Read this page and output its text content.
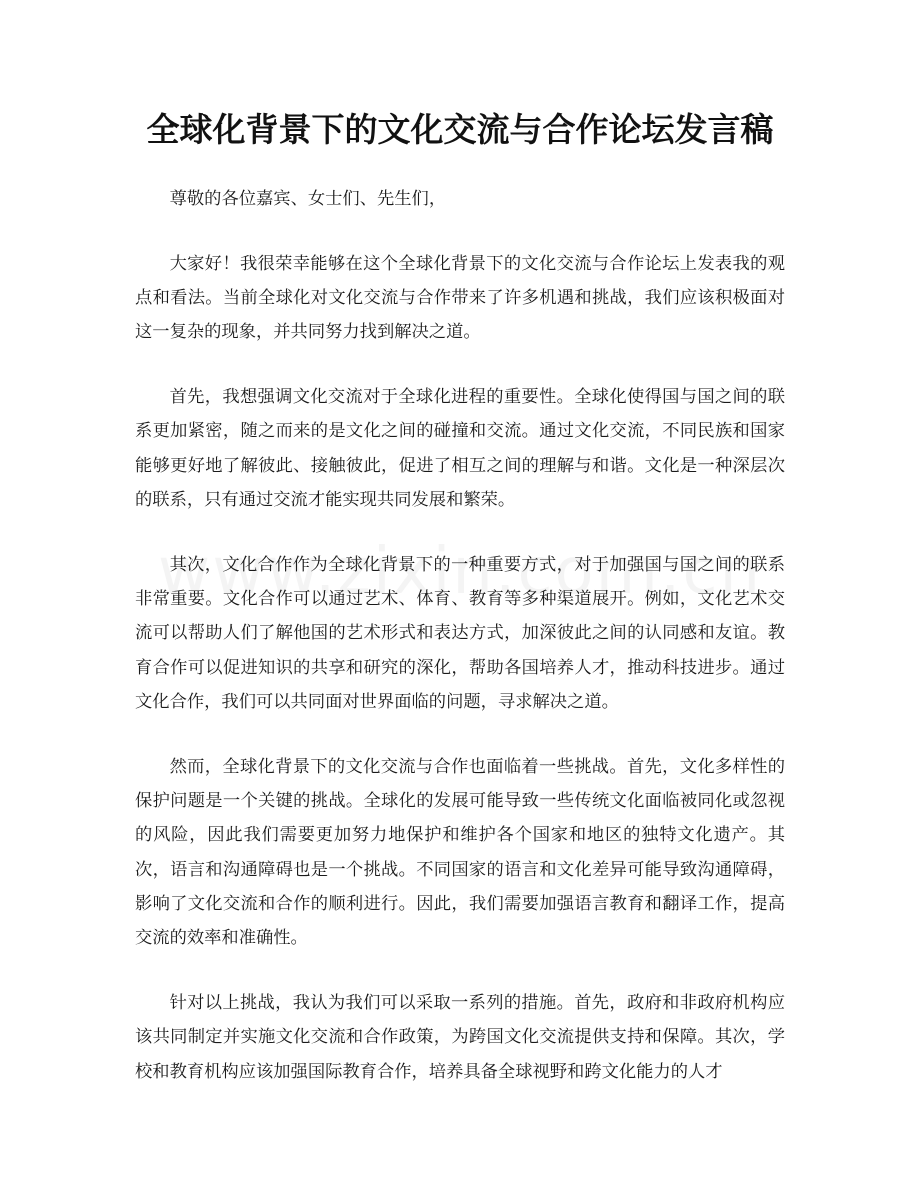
全球化背景下的文化交流与合作论坛发言稿

尊敬的各位嘉宾、女士们、先生们，

大家好！我很荣幸能够在这个全球化背景下的文化交流与合作论坛上发表我的观点和看法。当前全球化对文化交流与合作带来了许多机遇和挑战，我们应该积极面对这一复杂的现象，并共同努力找到解决之道。

首先，我想强调文化交流对于全球化进程的重要性。全球化使得国与国之间的联系更加紧密，随之而来的是文化之间的碰撞和交流。通过文化交流，不同民族和国家能够更好地了解彼此、接触彼此，促进了相互之间的理解与和谐。文化是一种深层次的联系，只有通过交流才能实现共同发展和繁荣。

其次，文化合作作为全球化背景下的一种重要方式，对于加强国与国之间的联系非常重要。文化合作可以通过艺术、体育、教育等多种渠道展开。例如，文化艺术交流可以帮助人们了解他国的艺术形式和表达方式，加深彼此之间的认同感和友谊。教育合作可以促进知识的共享和研究的深化，帮助各国培养人才，推动科技进步。通过文化合作，我们可以共同面对世界面临的问题，寻求解决之道。

然而，全球化背景下的文化交流与合作也面临着一些挑战。首先，文化多样性的保护问题是一个关键的挑战。全球化的发展可能导致一些传统文化面临被同化或忽视的风险，因此我们需要更加努力地保护和维护各个国家和地区的独特文化遗产。其次，语言和沟通障碍也是一个挑战。不同国家的语言和文化差异可能导致沟通障碍，影响了文化交流和合作的顺利进行。因此，我们需要加强语言教育和翻译工作，提高交流的效率和准确性。

针对以上挑战，我认为我们可以采取一系列的措施。首先，政府和非政府机构应该共同制定并实施文化交流和合作政策，为跨国文化交流提供支持和保障。其次，学校和教育机构应该加强国际教育合作，培养具备全球视野和跨文化能力的人才
